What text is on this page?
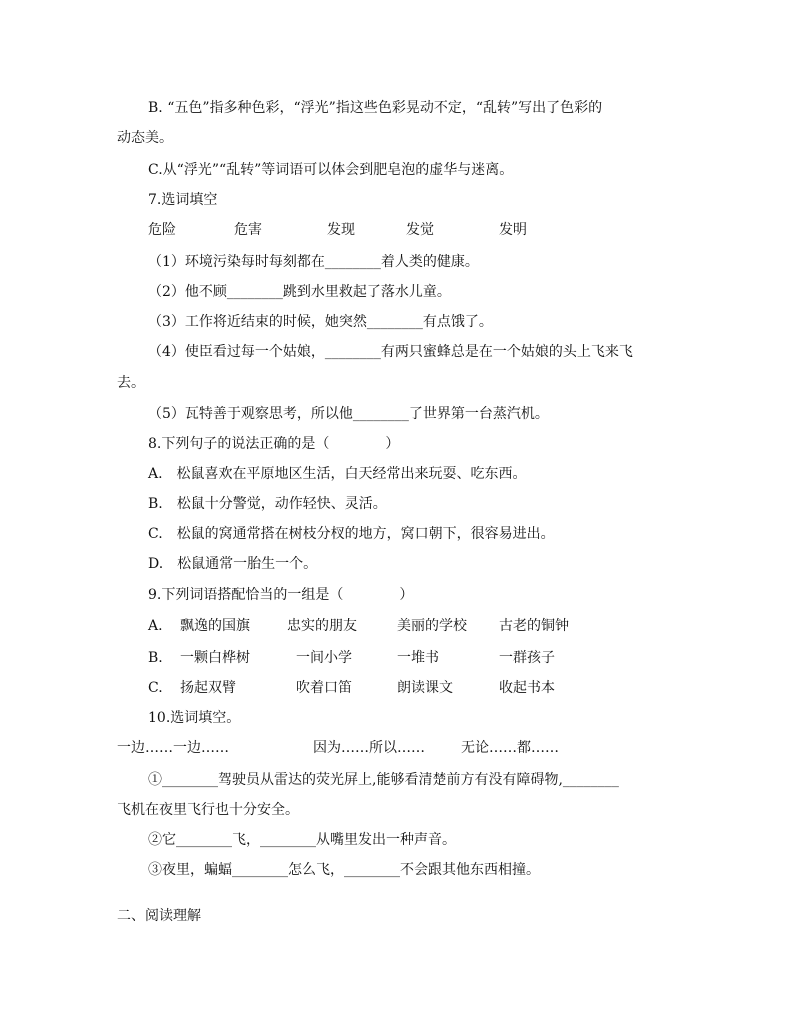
B. “五色”指多种色彩，“浮光”指这些色彩晃动不定，“乱转”写出了色彩的
动态美。
C.从“浮光”“乱转”等词语可以体会到肥皂泡的虚华与迷离。
7.选词填空
危险	危害	发现	发觉	发明
（1）环境污染每时每刻都在________着人类的健康。
（2）他不顾________跳到水里救起了落水儿童。
（3）工作将近结束的时候，她突然________有点饿了。
（4）使臣看过每一个姑娘，________有两只蜜蜂总是在一个姑娘的头上飞来飞
去。
（5）瓦特善于观察思考，所以他________了世界第一台蒸汽机。
8.下列句子的说法正确的是（　　　　）
A.　松鼠喜欢在平原地区生活，白天经常出来玩耍、吃东西。
B.　松鼠十分警觉，动作轻快、灵活。
C.　松鼠的窝通常搭在树枝分杈的地方，窝口朝下，很容易进出。
D.　松鼠通常一胎生一个。
9.下列词语搭配恰当的一组是（　　　　）
A. 飘逸的国旗	忠实的朋友	美丽的学校 古老的铜钟
B. 一颗白桦树	一间小学	一堆书	一群孩子
C. 扬起双臂	吹着口笛	朗读课文	收起书本
10.选词填空。
一边……一边……	因为……所以……	无论……都……
①________驾驶员从雷达的荧光屏上,能够看清楚前方有没有障碍物,________
飞机在夜里飞行也十分安全。
②它________飞，________从嘴里发出一种声音。
③夜里，蝙蝠________怎么飞，________不会跟其他东西相撞。
二、阅读理解
